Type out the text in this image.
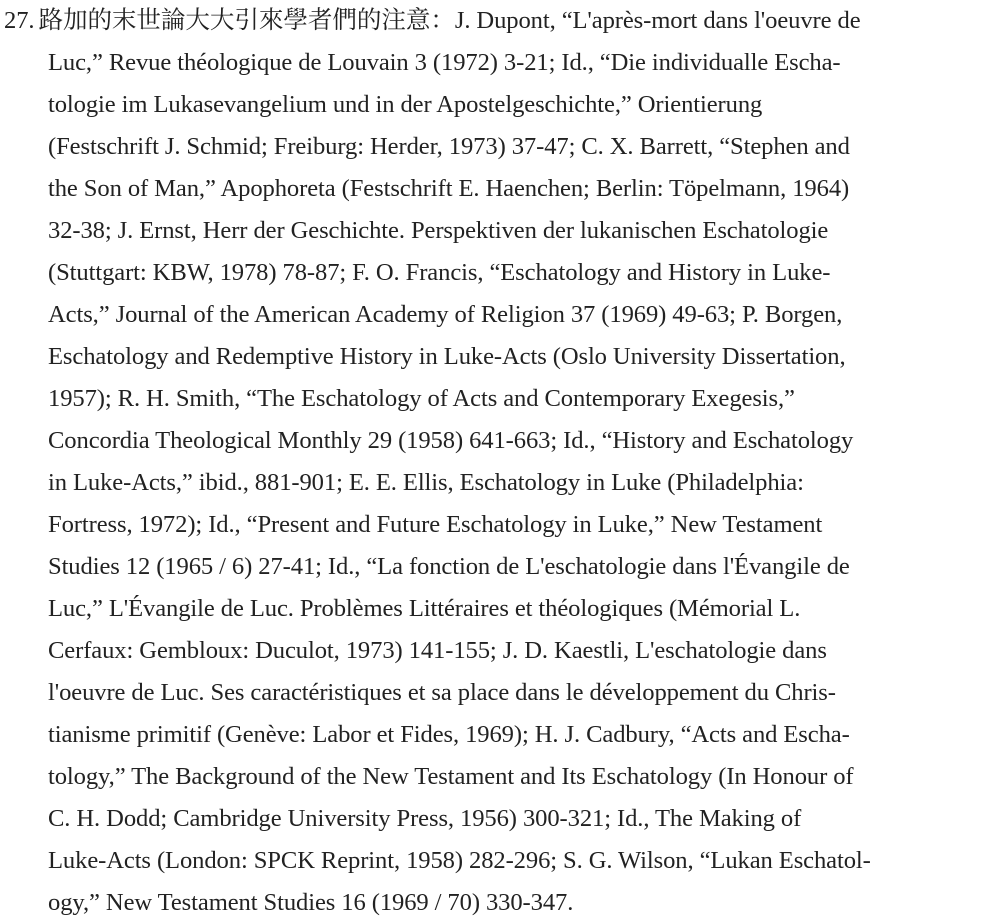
27. 路加的末世論大大引來學者們的注意：J. Dupont, “L'après-mort dans l'oeuvre de
Luc,” Revue théologique de Louvain 3 (1972) 3-21; Id., “Die individualle Escha-
tologie im Lukasevangelium und in der Apostelgeschichte,” Orientierung
(Festschrift J. Schmid; Freiburg: Herder, 1973) 37-47; C. X. Barrett, “Stephen and
the Son of Man,” Apophoreta (Festschrift E. Haenchen; Berlin: Töpelmann, 1964)
32-38; J. Ernst, Herr der Geschichte. Perspektiven der lukanischen Eschatologie
(Stuttgart: KBW, 1978) 78-87; F. O. Francis, “Eschatology and History in Luke-
Acts,” Journal of the American Academy of Religion 37 (1969) 49-63; P. Borgen,
Eschatology and Redemptive History in Luke-Acts (Oslo University Dissertation,
1957); R. H. Smith, “The Eschatology of Acts and Contemporary Exegesis,”
Concordia Theological Monthly 29 (1958) 641-663; Id., “History and Eschatology
in Luke-Acts,” ibid., 881-901; E. E. Ellis, Eschatology in Luke (Philadelphia:
Fortress, 1972); Id., “Present and Future Eschatology in Luke,” New Testament
Studies 12 (1965 / 6) 27-41; Id., “La fonction de L'eschatologie dans l'Évangile de
Luc,” L'Évangile de Luc. Problèmes Littéraires et théologiques (Mémorial L.
Cerfaux: Gembloux: Duculot, 1973) 141-155; J. D. Kaestli, L'eschatologie dans
l'oeuvre de Luc. Ses caractéristiques et sa place dans le développement du Chris-
tianisme primitif (Genève: Labor et Fides, 1969); H. J. Cadbury, “Acts and Escha-
tology,” The Background of the New Testament and Its Eschatology (In Honour of
C. H. Dodd; Cambridge University Press, 1956) 300-321; Id., The Making of
Luke-Acts (London: SPCK Reprint, 1958) 282-296; S. G. Wilson, “Lukan Eschatol-
ogy,” New Testament Studies 16 (1969 / 70) 330-347.
